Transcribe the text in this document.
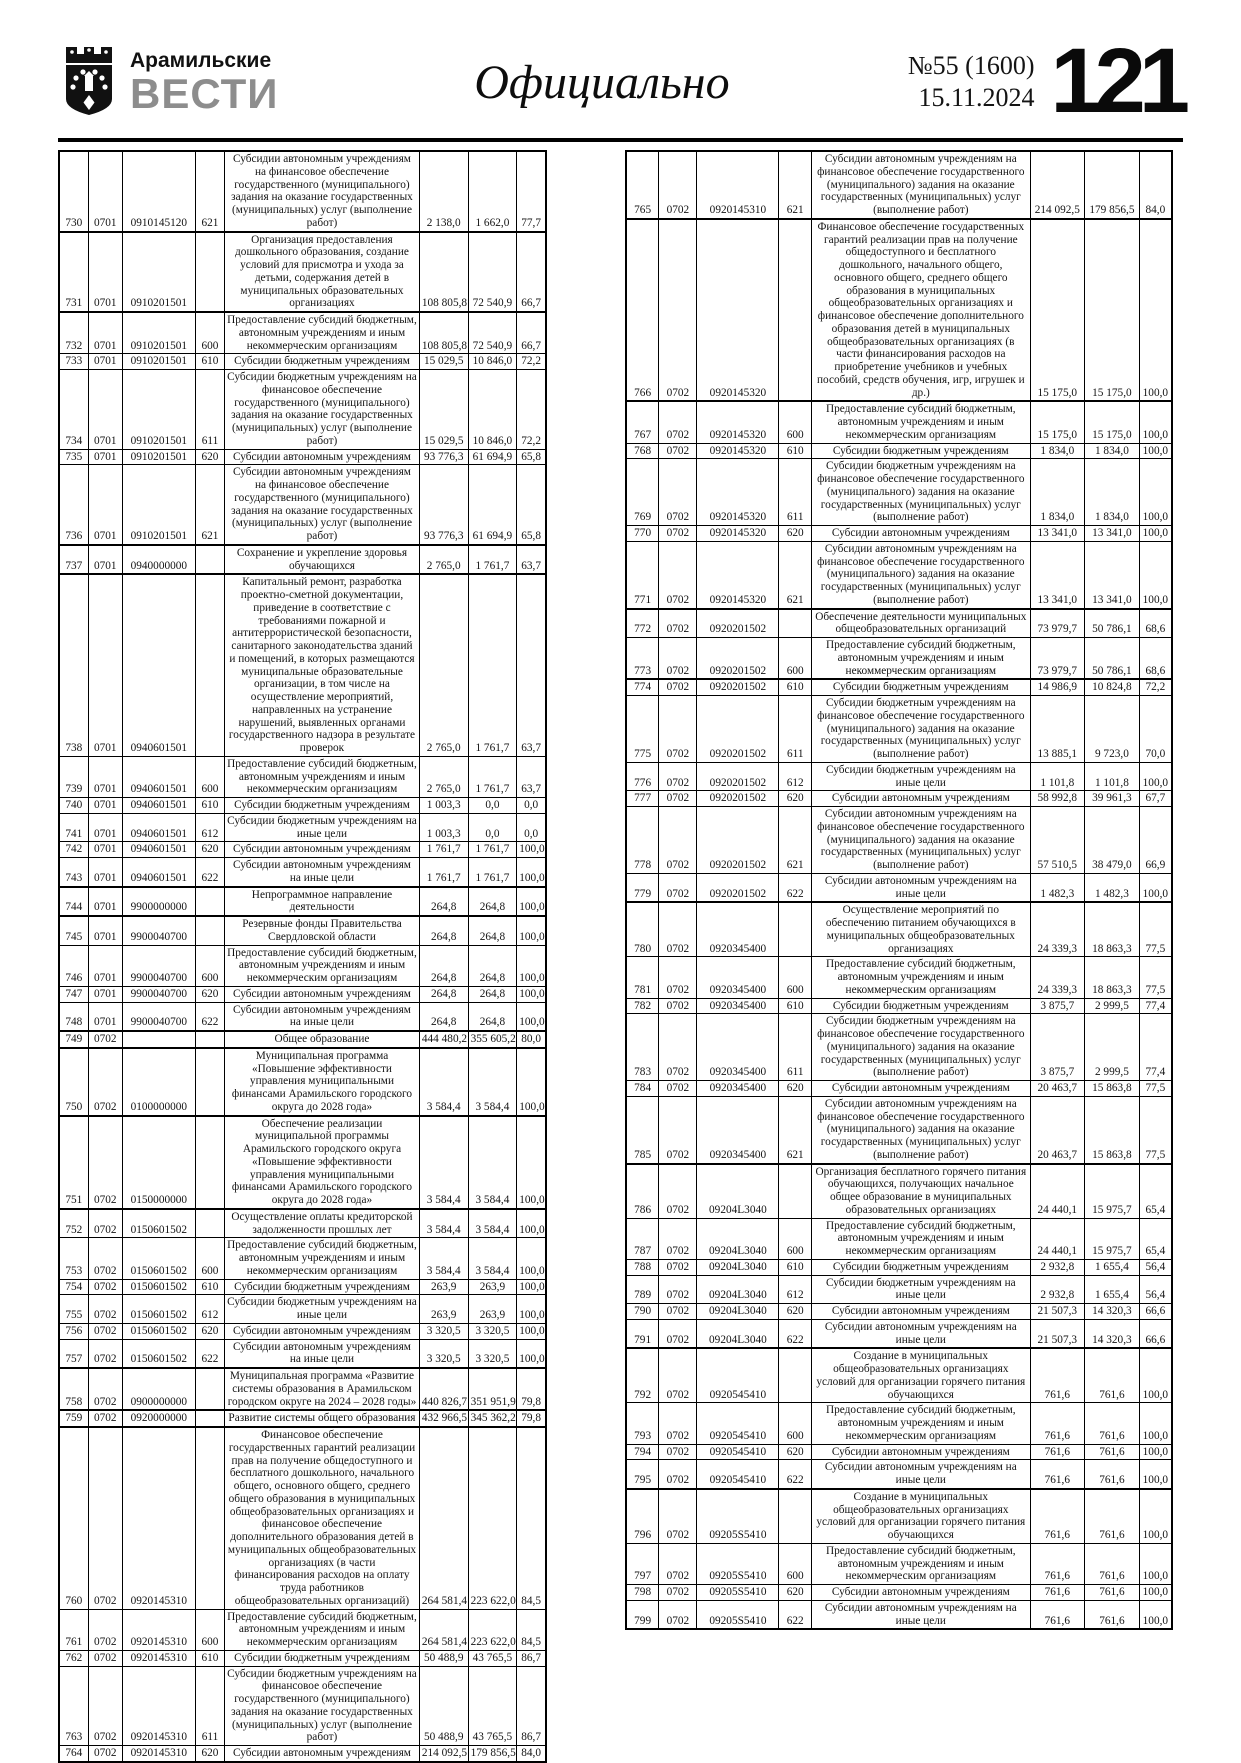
Арамильские
ВЕСТИ	Официально	№55 (1600)
15.11.2024 121
730	0701	0910145120	621	Субсидии автономным учреждениям на финансовое обеспечение государственного (муниципального) задания на оказание государственных (муниципальных) услуг (выполнение работ)	2 138,0	1 662,0	77,7
731	0701	0910201501		Организация предоставления дошкольного образования, создание условий для присмотра и ухода за детьми, содержания детей в муниципальных образовательных организациях	108 805,8	72 540,9	66,7
732	0701	0910201501	600	Предоставление субсидий бюджетным, автономным учреждениям и иным некоммерческим организациям	108 805,8	72 540,9	66,7
733	0701	0910201501	610	Субсидии бюджетным учреждениям	15 029,5	10 846,0	72,2
734	0701	0910201501	611	Субсидии бюджетным учреждениям на финансовое обеспечение государственного (муниципального) задания на оказание государственных (муниципальных) услуг (выполнение работ)	15 029,5	10 846,0	72,2
735	0701	0910201501	620	Субсидии автономным учреждениям	93 776,3	61 694,9	65,8
736	0701	0910201501	621	Субсидии автономным учреждениям на финансовое обеспечение государственного (муниципального) задания на оказание государственных (муниципальных) услуг (выполнение работ)	93 776,3	61 694,9	65,8
737	0701	0940000000		Сохранение и укрепление здоровья обучающихся	2 765,0	1 761,7	63,7
738	0701	0940601501		Капитальный ремонт, разработка проектно-сметной документации, приведение в соответствие с требованиями пожарной и антитеррористической безопасности, санитарного законодательства зданий и помещений, в которых размещаются муниципальные образовательные организации, в том числе на осуществление мероприятий, направленных на устранение нарушений, выявленных органами государственного надзора в результате проверок	2 765,0	1 761,7	63,7
739	0701	0940601501	600	Предоставление субсидий бюджетным, автономным учреждениям и иным некоммерческим организациям	2 765,0	1 761,7	63,7
740	0701	0940601501	610	Субсидии бюджетным учреждениям	1 003,3	0,0	0,0
741	0701	0940601501	612	Субсидии бюджетным учреждениям на иные цели	1 003,3	0,0	0,0
742	0701	0940601501	620	Субсидии автономным учреждениям	1 761,7	1 761,7	100,0
743	0701	0940601501	622	Субсидии автономным учреждениям на иные цели	1 761,7	1 761,7	100,0
744	0701	9900000000		Непрограммное направление деятельности	264,8	264,8	100,0
745	0701	9900040700		Резервные фонды Правительства Свердловской области	264,8	264,8	100,0
746	0701	9900040700	600	Предоставление субсидий бюджетным, автономным учреждениям и иным некоммерческим организациям	264,8	264,8	100,0
747	0701	9900040700	620	Субсидии автономным учреждениям	264,8	264,8	100,0
748	0701	9900040700	622	Субсидии автономным учреждениям на иные цели	264,8	264,8	100,0
749	0702			Общее образование	444 480,2	355 605,2	80,0
750	0702	0100000000		Муниципальная программа «Повышение эффективности управления муниципальными финансами Арамильского городского округа до 2028 года»	3 584,4	3 584,4	100,0
751	0702	0150000000		Обеспечение реализации муниципальной программы Арамильского городского округа «Повышение эффективности управления муниципальными финансами Арамильского городского округа до 2028 года»	3 584,4	3 584,4	100,0
752	0702	0150601502		Осуществление оплаты кредиторской задолженности прошлых лет	3 584,4	3 584,4	100,0
753	0702	0150601502	600	Предоставление субсидий бюджетным, автономным учреждениям и иным некоммерческим организациям	3 584,4	3 584,4	100,0
754	0702	0150601502	610	Субсидии бюджетным учреждениям	263,9	263,9	100,0
755	0702	0150601502	612	Субсидии бюджетным учреждениям на иные цели	263,9	263,9	100,0
756	0702	0150601502	620	Субсидии автономным учреждениям	3 320,5	3 320,5	100,0
757	0702	0150601502	622	Субсидии автономным учреждениям на иные цели	3 320,5	3 320,5	100,0
758	0702	0900000000		Муниципальная программа «Развитие системы образования в Арамильском городском округе на 2024 – 2028 годы»	440 826,7	351 951,9	79,8
759	0702	0920000000		Развитие системы общего образования	432 966,5	345 362,2	79,8
760	0702	0920145310		Финансовое обеспечение государственных гарантий реализации прав на получение общедоступного и бесплатного дошкольного, начального общего, основного общего, среднего общего образования в муниципальных общеобразовательных организациях и финансовое обеспечение дополнительного образования детей в муниципальных общеобразовательных организациях (в части финансирования расходов на оплату труда работников общеобразовательных организаций)	264 581,4	223 622,0	84,5
761	0702	0920145310	600	Предоставление субсидий бюджетным, автономным учреждениям и иным некоммерческим организациям	264 581,4	223 622,0	84,5
762	0702	0920145310	610	Субсидии бюджетным учреждениям	50 488,9	43 765,5	86,7
763	0702	0920145310	611	Субсидии бюджетным учреждениям на финансовое обеспечение государственного (муниципального) задания на оказание государственных (муниципальных) услуг (выполнение работ)	50 488,9	43 765,5	86,7
764	0702	0920145310	620	Субсидии автономным учреждениям	214 092,5	179 856,5	84,0
765	0702	0920145310	621	Субсидии автономным учреждениям на финансовое обеспечение государственного (муниципального) задания на оказание государственных (муниципальных) услуг (выполнение работ)	214 092,5	179 856,5	84,0
766	0702	0920145320		Финансовое обеспечение государственных гарантий реализации прав на получение общедоступного и бесплатного дошкольного, начального общего, основного общего, среднего общего образования в муниципальных общеобразовательных организациях и финансовое обеспечение дополнительного образования детей в муниципальных общеобразовательных организациях (в части финансирования расходов на приобретение учебников и учебных пособий, средств обучения, игр, игрушек и др.)	15 175,0	15 175,0	100,0
767	0702	0920145320	600	Предоставление субсидий бюджетным, автономным учреждениям и иным некоммерческим организациям	15 175,0	15 175,0	100,0
768	0702	0920145320	610	Субсидии бюджетным учреждениям	1 834,0	1 834,0	100,0
769	0702	0920145320	611	Субсидии бюджетным учреждениям на финансовое обеспечение государственного (муниципального) задания на оказание государственных (муниципальных) услуг (выполнение работ)	1 834,0	1 834,0	100,0
770	0702	0920145320	620	Субсидии автономным учреждениям	13 341,0	13 341,0	100,0
771	0702	0920145320	621	Субсидии автономным учреждениям на финансовое обеспечение государственного (муниципального) задания на оказание государственных (муниципальных) услуг (выполнение работ)	13 341,0	13 341,0	100,0
772	0702	0920201502		Обеспечение деятельности муниципальных общеобразовательных организаций	73 979,7	50 786,1	68,6
773	0702	0920201502	600	Предоставление субсидий бюджетным, автономным учреждениям и иным некоммерческим организациям	73 979,7	50 786,1	68,6
774	0702	0920201502	610	Субсидии бюджетным учреждениям	14 986,9	10 824,8	72,2
775	0702	0920201502	611	Субсидии бюджетным учреждениям на финансовое обеспечение государственного (муниципального) задания на оказание государственных (муниципальных) услуг (выполнение работ)	13 885,1	9 723,0	70,0
776	0702	0920201502	612	Субсидии бюджетным учреждениям на иные цели	1 101,8	1 101,8	100,0
777	0702	0920201502	620	Субсидии автономным учреждениям	58 992,8	39 961,3	67,7
778	0702	0920201502	621	Субсидии автономным учреждениям на финансовое обеспечение государственного (муниципального) задания на оказание государственных (муниципальных) услуг (выполнение работ)	57 510,5	38 479,0	66,9
779	0702	0920201502	622	Субсидии автономным учреждениям на иные цели	1 482,3	1 482,3	100,0
780	0702	0920345400		Осуществление мероприятий по обеспечению питанием обучающихся в муниципальных общеобразовательных организациях	24 339,3	18 863,3	77,5
781	0702	0920345400	600	Предоставление субсидий бюджетным, автономным учреждениям и иным некоммерческим организациям	24 339,3	18 863,3	77,5
782	0702	0920345400	610	Субсидии бюджетным учреждениям	3 875,7	2 999,5	77,4
783	0702	0920345400	611	Субсидии бюджетным учреждениям на финансовое обеспечение государственного (муниципального) задания на оказание государственных (муниципальных) услуг (выполнение работ)	3 875,7	2 999,5	77,4
784	0702	0920345400	620	Субсидии автономным учреждениям	20 463,7	15 863,8	77,5
785	0702	0920345400	621	Субсидии автономным учреждениям на финансовое обеспечение государственного (муниципального) задания на оказание государственных (муниципальных) услуг (выполнение работ)	20 463,7	15 863,8	77,5
786	0702	09204L3040		Организация бесплатного горячего питания обучающихся, получающих начальное общее образование в муниципальных образовательных организациях	24 440,1	15 975,7	65,4
787	0702	09204L3040	600	Предоставление субсидий бюджетным, автономным учреждениям и иным некоммерческим организациям	24 440,1	15 975,7	65,4
788	0702	09204L3040	610	Субсидии бюджетным учреждениям	2 932,8	1 655,4	56,4
789	0702	09204L3040	612	Субсидии бюджетным учреждениям на иные цели	2 932,8	1 655,4	56,4
790	0702	09204L3040	620	Субсидии автономным учреждениям	21 507,3	14 320,3	66,6
791	0702	09204L3040	622	Субсидии автономным учреждениям на иные цели	21 507,3	14 320,3	66,6
792	0702	0920545410		Создание в муниципальных общеобразовательных организациях условий для организации горячего питания обучающихся	761,6	761,6	100,0
793	0702	0920545410	600	Предоставление субсидий бюджетным, автономным учреждениям и иным некоммерческим организациям	761,6	761,6	100,0
794	0702	0920545410	620	Субсидии автономным учреждениям	761,6	761,6	100,0
795	0702	0920545410	622	Субсидии автономным учреждениям на иные цели	761,6	761,6	100,0
796	0702	09205S5410		Создание в муниципальных общеобразовательных организациях условий для организации горячего питания обучающихся	761,6	761,6	100,0
797	0702	09205S5410	600	Предоставление субсидий бюджетным, автономным учреждениям и иным некоммерческим организациям	761,6	761,6	100,0
798	0702	09205S5410	620	Субсидии автономным учреждениям	761,6	761,6	100,0
799	0702	09205S5410	622	Субсидии автономным учреждениям на иные цели	761,6	761,6	100,0
